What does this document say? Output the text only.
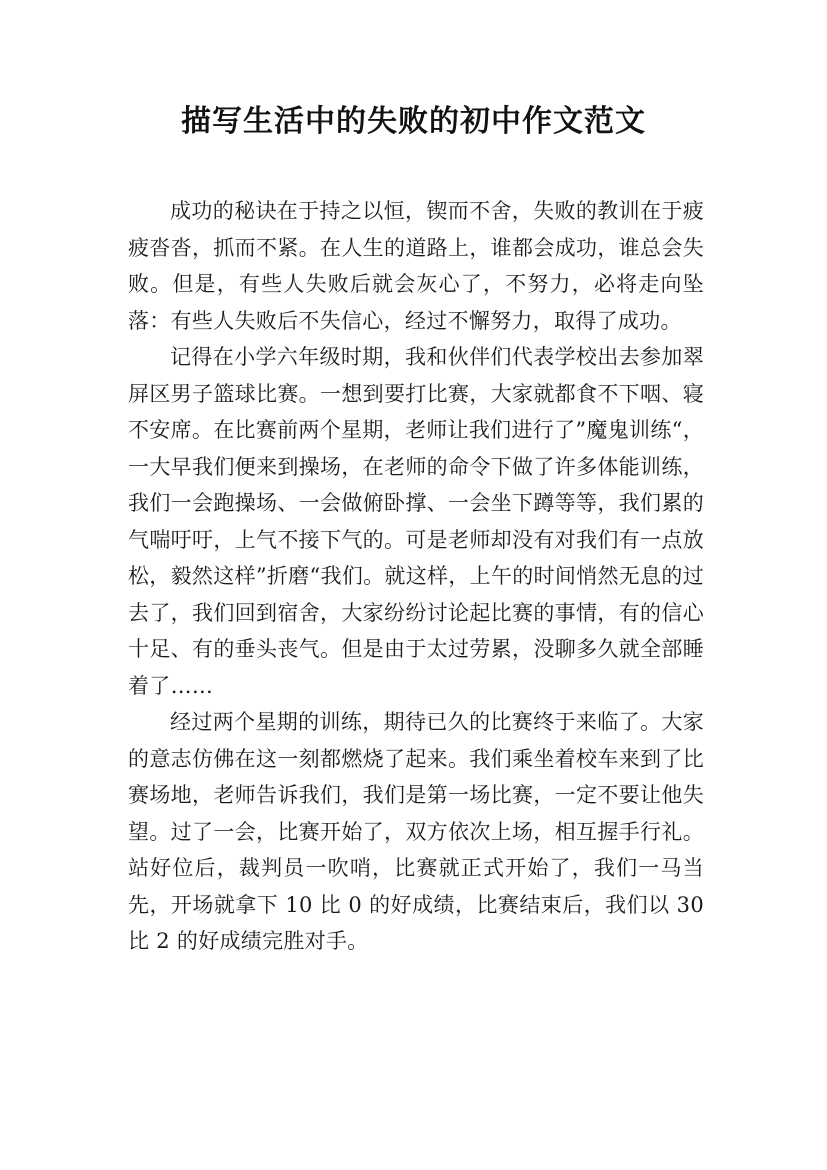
描写生活中的失败的初中作文范文

成功的秘诀在于持之以恒，锲而不舍，失败的教训在于疲疲沓沓，抓而不紧。在人生的道路上，谁都会成功，谁总会失败。但是，有些人失败后就会灰心了，不努力，必将走向坠落：有些人失败后不失信心，经过不懈努力，取得了成功。

记得在小学六年级时期，我和伙伴们代表学校出去参加翠屏区男子篮球比赛。一想到要打比赛，大家就都食不下咽、寝不安席。在比赛前两个星期，老师让我们进行了”魔鬼训练“，一大早我们便来到操场，在老师的命令下做了许多体能训练，我们一会跑操场、一会做俯卧撑、一会坐下蹲等等，我们累的气喘吁吁，上气不接下气的。可是老师却没有对我们有一点放松，毅然这样”折磨“我们。就这样，上午的时间悄然无息的过去了，我们回到宿舍，大家纷纷讨论起比赛的事情，有的信心十足、有的垂头丧气。但是由于太过劳累，没聊多久就全部睡着了……

经过两个星期的训练，期待已久的比赛终于来临了。大家的意志仿佛在这一刻都燃烧了起来。我们乘坐着校车来到了比赛场地，老师告诉我们，我们是第一场比赛，一定不要让他失望。过了一会，比赛开始了，双方依次上场，相互握手行礼。站好位后，裁判员一吹哨，比赛就正式开始了，我们一马当先，开场就拿下 10 比 0 的好成绩，比赛结束后，我们以 30 比 2 的好成绩完胜对手。
